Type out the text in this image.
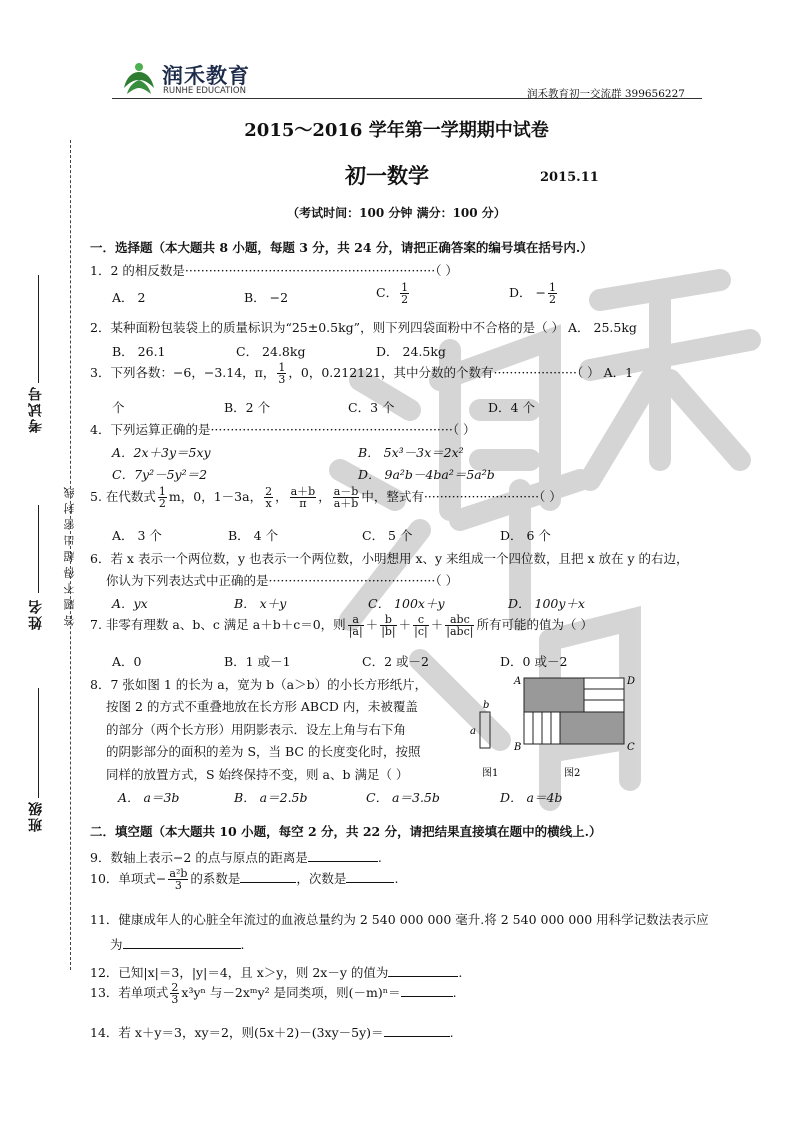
润禾教育
RUNHE EDUCATION	润禾教育初一交流群 399656227
答题不得超出密封线
考试号
姓名
班级
2015～2016 学年第一学期期中试卷
初一数学	2015.11
（考试时间：100 分钟 满分：100 分）
一．选择题（本大题共 8 小题，每题 3 分，共 24 分，请把正确答案的编号填在括号内.）
1．2 的相反数是·······························································（ ）
A． 2	B． −2	C． $\frac{1}{2}$	D． − $\frac{1}{2}$
2．某种面粉包装袋上的质量标识为“25±0.5kg”，则下列四袋面粉中不合格的是（ ） A． 25.5kg
B． 26.1	C． 24.8kg	D． 24.5kg
3．下列各数：−6，−3.14，π， $\frac{1}{3}$ ，0，0.212121，其中分数的个数有·····················（ ） A．1
个	B．2 个	C．3 个	D．4 个
4．下列运算正确的是·····························································（ ）
A．2x＋3y＝5xy	B． 5x³－3x＝2x²
C．7y²－5y²＝2	D． 9a²b－4ba²＝5a²b
5. 在代数式 $\frac{1}{2}$ m，0，1－3a， $\frac{2}{x}$ ， $\frac{a+b}{\pi}$ ， $\frac{a-b}{a+b}$ 中，整式有·····························（ ）
A． 3 个	B． 4 个	C． 5 个	D． 6 个
6．若 x 表示一个两位数，y 也表示一个两位数，小明想用 x、y 来组成一个四位数，且把 x 放在 y 的右边，
你认为下列表达式中正确的是··········································（ ）
A．yx	B． x＋y	C． 100x＋y	D． 100y＋x
7. 非零有理数 a、b、c 满足 a＋b＋c＝0，则 $\frac{a}{|a|} + \frac{b}{|b|} + \frac{c}{|c|} + \frac{\text{abc}}{\text{|abc|}}$ 所有可能的值为（ ）
A．0	B．1 或－1	C．2 或－2	D．0 或－2
8．7 张如图 1 的长为 a，宽为 b（a＞b）的小长方形纸片，
按图 2 的方式不重叠地放在长方形 ABCD 内，未被覆盖
的部分（两个长方形）用阴影表示．设左上角与右下角
的阴影部分的面积的差为 S，当 BC 的长度变化时，按照
同样的放置方式，S 始终保持不变，则 a、b 满足（ ）
A． a＝3b	B． a＝2.5b	C． a＝3.5b	D． a＝4b
a
b
A	D
B	C
图1	图2
二．填空题（本大题共 10 小题，每空 2 分，共 22 分，请把结果直接填在题中的横线上.）
9．数轴上表示−2 的点与原点的距离是	.
10．单项式− $\frac{\text{a²b}}{3}$ 的系数是	，次数是	.
11．健康成年人的心脏全年流过的血液总量约为 2 540 000 000 毫升.将 2 540 000 000 用科学记数法表示应
为	.
12．已知|x|＝3，|y|＝4，且 x＞y，则 2x－y 的值为	.
13．若单项式 $\frac{2}{3} x^3y^n$ 与－2xᵐy² 是同类项，则(－m)ⁿ＝	.
14．若 x＋y＝3，xy＝2，则(5x＋2)－(3xy－5y)＝	.
